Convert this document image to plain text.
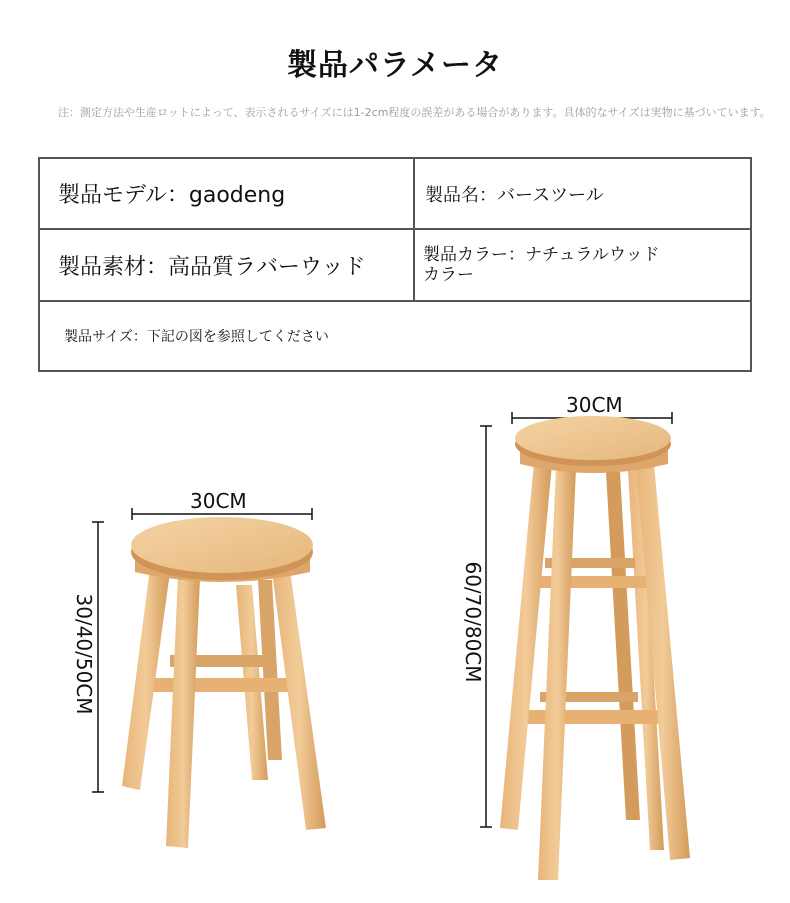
製品パラメータ
注：測定方法や生産ロットによって、表示されるサイズには1-2cm程度の誤差がある場合があります。具体的なサイズは実物に基づいています。
製品モデル：gaodeng	製品名：バースツール
製品素材：高品質ラバーウッド	製品カラー：ナチュラルウッドカラー
製品サイズ：下記の図を参照してください
30CM
30/40/50CM
30CM
60/70/80CM
